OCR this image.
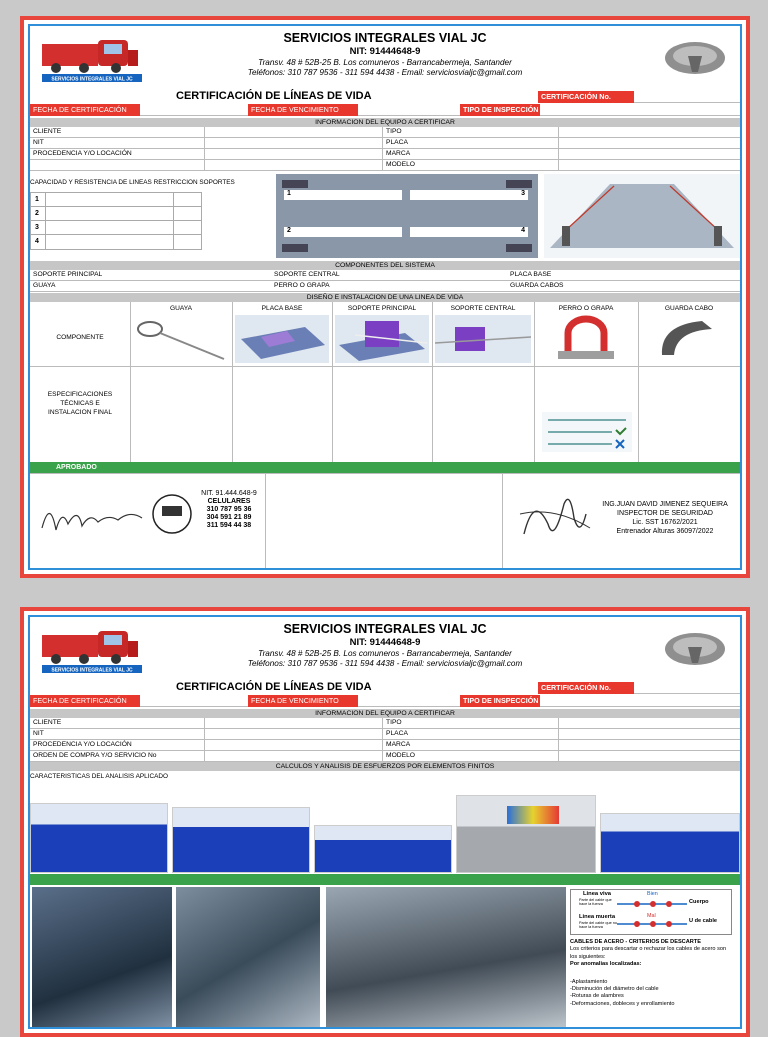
SERVICIOS INTEGRALES VIAL JC
SERVICIOS INTEGRALES VIAL JC
NIT: 91444648-9
Transv. 48 # 52B-25 B. Los comuneros - Barrancabermeja, Santander
Teléfonos: 310 787 9536 - 311 594 4438 - Email: serviciosvialjc@gmail.com
CERTIFICACIÓN DE LÍNEAS DE VIDA	CERTIFICACIÓN No.
FECHA DE CERTIFICACIÓN	FECHA DE VENCIMIENTO	TIPO DE INSPECCIÓN
INFORMACION DEL EQUIPO A CERTIFICAR
CLIENTE	TIPO
NIT	PLACA
PROCEDENCIA Y/O LOCACIÓN	MARCA
MODELO
CAPACIDAD Y RESISTENCIA DE LINEAS RESTRICCION SOPORTES
1
2
3
4
1	3
2	4
COMPONENTES DEL SISTEMA
SOPORTE PRINCIPAL	SOPORTE CENTRAL	PLACA BASE
GUAYA	PERRO O GRAPA	GUARDA CABOS
DISEÑO E INSTALACION DE UNA LINEA DE VIDA
GUAYA	PLACA BASE	SOPORTE PRINCIPAL	SOPORTE CENTRAL	PERRO O GRAPA	GUARDA CABO
COMPONENTE
ESPECIFICACIONES
TÉCNICAS E
INSTALACION FINAL
APROBADO
NIT. 91.444.648-9
CELULARES
310 787 95 36
304 591 21 89
311 594 44 38
ING.JUAN DAVID JIMENEZ SEQUEIRA
INSPECTOR DE SEGURIDAD
Lic. SST 16762/2021
Entrenador Alturas 36097/2022
SERVICIOS INTEGRALES VIAL JC
SERVICIOS INTEGRALES VIAL JC
NIT: 91444648-9
Transv. 48 # 52B-25 B. Los comuneros - Barrancabermeja, Santander
Teléfonos: 310 787 9536 - 311 594 4438 - Email: serviciosvialjc@gmail.com
CERTIFICACIÓN DE LÍNEAS DE VIDA	CERTIFICACIÓN No.
FECHA DE CERTIFICACIÓN	FECHA DE VENCIMIENTO	TIPO DE INSPECCIÓN
INFORMACION DEL EQUIPO A CERTIFICAR
CLIENTE	TIPO
NIT	PLACA
PROCEDENCIA Y/O LOCACIÓN	MARCA
ORDEN DE COMPRA Y/O SERVICIO No	MODELO
CALCULOS Y ANALISIS DE ESFUERZOS POR ELEMENTOS FINITOS
CARACTERISTICAS DEL ANALISIS APLICADO
Linea viva
Parte del cable que hace la fuerza
Linea muerta
Parte del cable que no hace la fuerza
Bien
Mal
Cuerpo
U de cable
CABLES DE ACERO - CRITERIOS DE DESCARTE
Los criterios para descartar o rechazar los cables de acero son los siguientes:
Por anomalias localizadas:
-Aplastamiento
-Disminución del diámetro del cable
-Roturas de alambres
-Deformaciones, dobleces y enrollamiento
